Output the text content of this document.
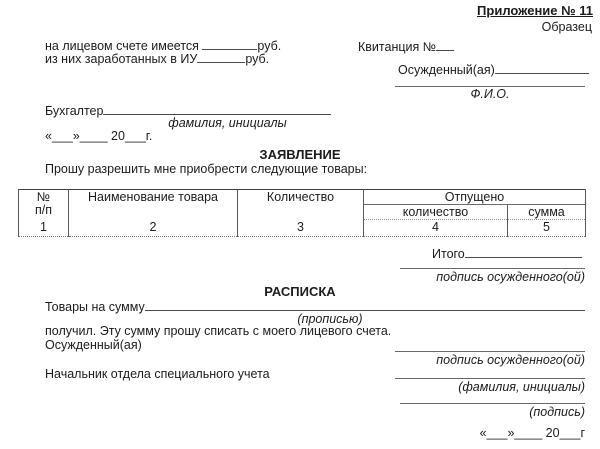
Приложение № 11
Образец
на лицевом счете имеется	руб.
из них заработанных в ИУ	руб.
Квитанция №
Осужденный(ая)
Ф.И.О.
Бухгалтер
фамилия, инициалы
«___»____ 20___г.
ЗАЯВЛЕНИЕ
Прошу разрешить мне приобрести следующие товары:
№
п/п	Наименование товара	Количество	Отпущено	
			количество	сумма
1	2	3	4	5
Итого
подпись осужденного(ой)
РАСПИСКА
Товары на сумму
(прописью)
получил. Эту сумму прошу списать с моего лицевого счета.
Осужденный(ая)
подпись осужденного(ой)
Начальник отдела специального учета
(фамилия, инициалы)
(подпись)
«___»____ 20___г
